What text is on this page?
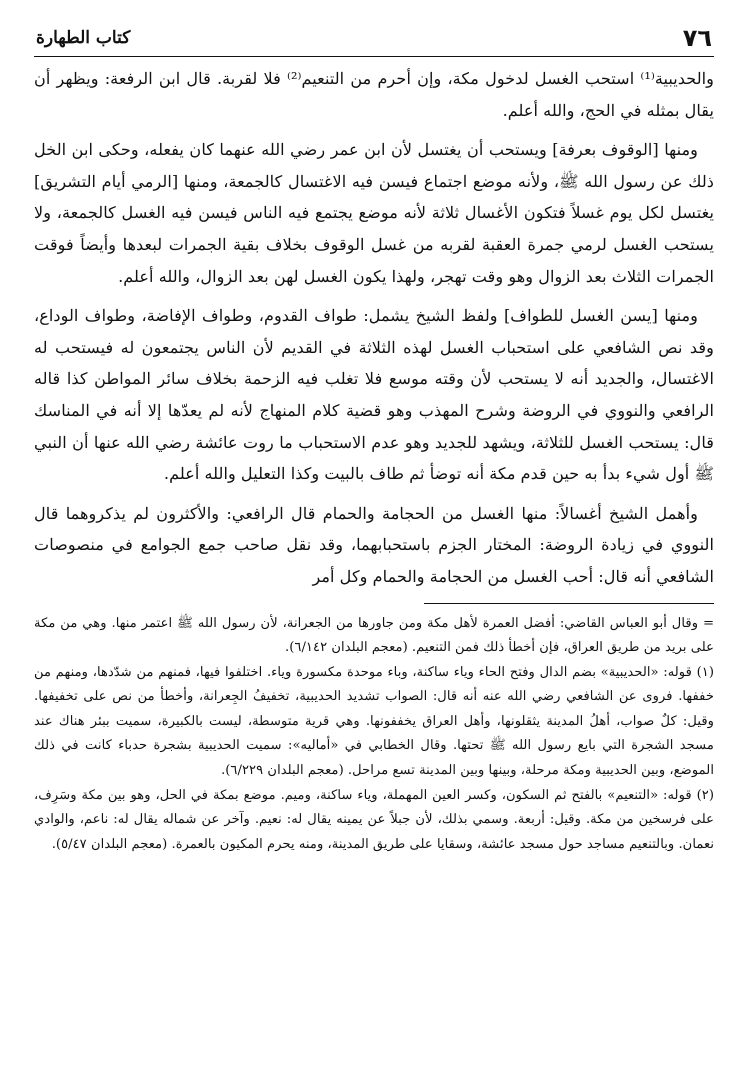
٧٦
كتاب الطهارة

والحديبية⁽¹⁾ استحب الغسل لدخول مكة، وإن أحرم من التنعيم⁽²⁾ فلا لقربة. قال ابن الرفعة: ويظهر أن يقال بمثله في الحج، والله أعلم.

ومنها [الوقوف بعرفة] ويستحب أن يغتسل لأن ابن عمر رضي الله عنهما كان يفعله، وحكى ابن الخل ذلك عن رسول الله ﷺ، ولأنه موضع اجتماع فيسن فيه الاغتسال كالجمعة، ومنها [الرمي أيام التشريق] يغتسل لكل يوم غسلاً فتكون الأغسال ثلاثة لأنه موضع يجتمع فيه الناس فيسن فيه الغسل كالجمعة، ولا يستحب الغسل لرمي جمرة العقبة لقربه من غسل الوقوف بخلاف بقية الجمرات لبعدها وأيضاً فوقت الجمرات الثلاث بعد الزوال وهو وقت تهجر، ولهذا يكون الغسل لهن بعد الزوال، والله أعلم.

ومنها [يسن الغسل للطواف] ولفظ الشيخ يشمل: طواف القدوم، وطواف الإفاضة، وطواف الوداع، وقد نص الشافعي على استحباب الغسل لهذه الثلاثة في القديم لأن الناس يجتمعون له فيستحب له الاغتسال، والجديد أنه لا يستحب لأن وقته موسع فلا تغلب فيه الزحمة بخلاف سائر المواطن كذا قاله الرافعي والنووي في الروضة وشرح المهذب وهو قضية كلام المنهاج لأنه لم يعدّها إلا أنه في المناسك قال: يستحب الغسل للثلاثة، ويشهد للجديد وهو عدم الاستحباب ما روت عائشة رضي الله عنها أن النبي ﷺ أول شيء بدأ به حين قدم مكة أنه توضأ ثم طاف بالبيت وكذا التعليل والله أعلم.

وأهمل الشيخ أغسالاً: منها الغسل من الحجامة والحمام قال الرافعي: والأكثرون لم يذكروهما قال النووي في زيادة الروضة: المختار الجزم باستحبابهما، وقد نقل صاحب جمع الجوامع في منصوصات الشافعي أنه قال: أحب الغسل من الحجامة والحمام وكل أمر

= وقال أبو العباس القاضي: أفضل العمرة لأهل مكة ومن جاورها من الجعرانة، لأن رسول الله ﷺ اعتمر منها. وهي من مكة على بريد من طريق العراق، فإن أخطأ ذلك فمن التنعيم. (معجم البلدان ٦/١٤٢).

(١) قوله: «الحديبية» بضم الدال وفتح الحاء وياء ساكنة، وباء موحدة مكسورة وياء. اختلفوا فيها، فمنهم من شدّدها، ومنهم من خففها. فروى عن الشافعي رضي الله عنه أنه قال: الصواب تشديد الحديبية، تخفيفُ الجِعرانة، وأخطأ من نص على تخفيفها. وقيل: كلٌ صواب، أهلُ المدينة يثقلونها، وأهل العراق يخففونها. وهي قرية متوسطة، ليست بالكبيرة، سميت ببئر هناك عند مسجد الشجرة التي بايع رسول الله ﷺ تحتها. وقال الخطابي في «أماليه»: سميت الحديبية بشجرة حدباء كانت في ذلك الموضع، وبين الحديبية ومكة مرحلة، وبينها وبين المدينة تسع مراحل. (معجم البلدان ٦/٢٢٩).

(٢) قوله: «التنعيم» بالفتح ثم السكون، وكسر العين المهملة، وياء ساكنة، وميم. موضع بمكة في الحل، وهو بين مكة وسَرِف، على فرسخين من مكة. وقيل: أربعة. وسمي بذلك، لأن جبلاً عن يمينه يقال له: نعيم. وآخر عن شماله يقال له: ناعم، والوادي نعمان. وبالتنعيم مساجد حول مسجد عائشة، وسقايا على طريق المدينة، ومنه يحرم المكيون بالعمرة. (معجم البلدان ٥/٤٧).
